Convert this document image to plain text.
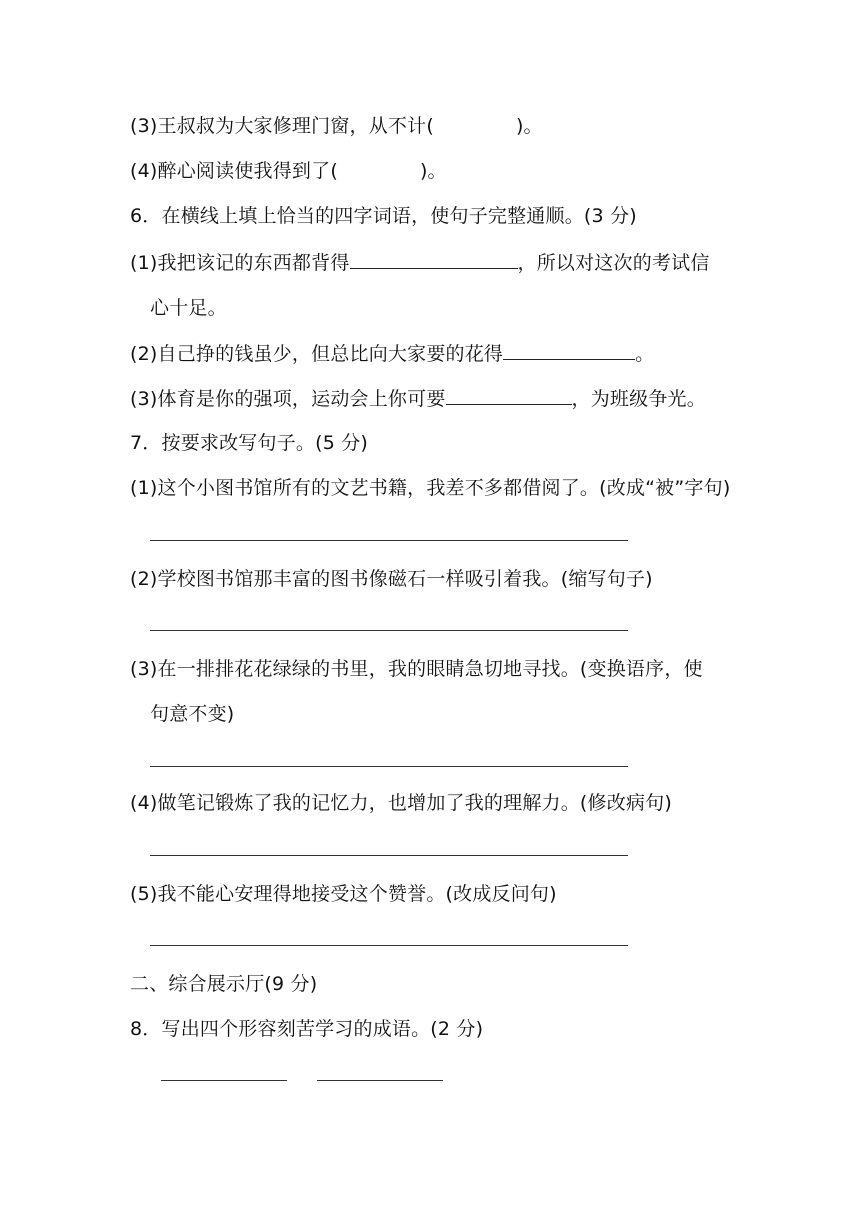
(3)王叔叔为大家修理门窗，从不计(	)。
(4)醉心阅读使我得到了(	)。
6．在横线上填上恰当的四字词语，使句子完整通顺。(3 分)
(1)我把该记的东西都背得	，所以对这次的考试信
心十足。
(2)自己挣的钱虽少，但总比向大家要的花得	。
(3)体育是你的强项，运动会上你可要	，为班级争光。
7．按要求改写句子。(5 分)
(1)这个小图书馆所有的文艺书籍，我差不多都借阅了。(改成“被”字句)
(2)学校图书馆那丰富的图书像磁石一样吸引着我。(缩写句子)
(3)在一排排花花绿绿的书里，我的眼睛急切地寻找。(变换语序，使
句意不变)
(4)做笔记锻炼了我的记忆力，也增加了我的理解力。(修改病句)
(5)我不能心安理得地接受这个赞誉。(改成反问句)
二、综合展示厅(9 分)
8．写出四个形容刻苦学习的成语。(2 分)
